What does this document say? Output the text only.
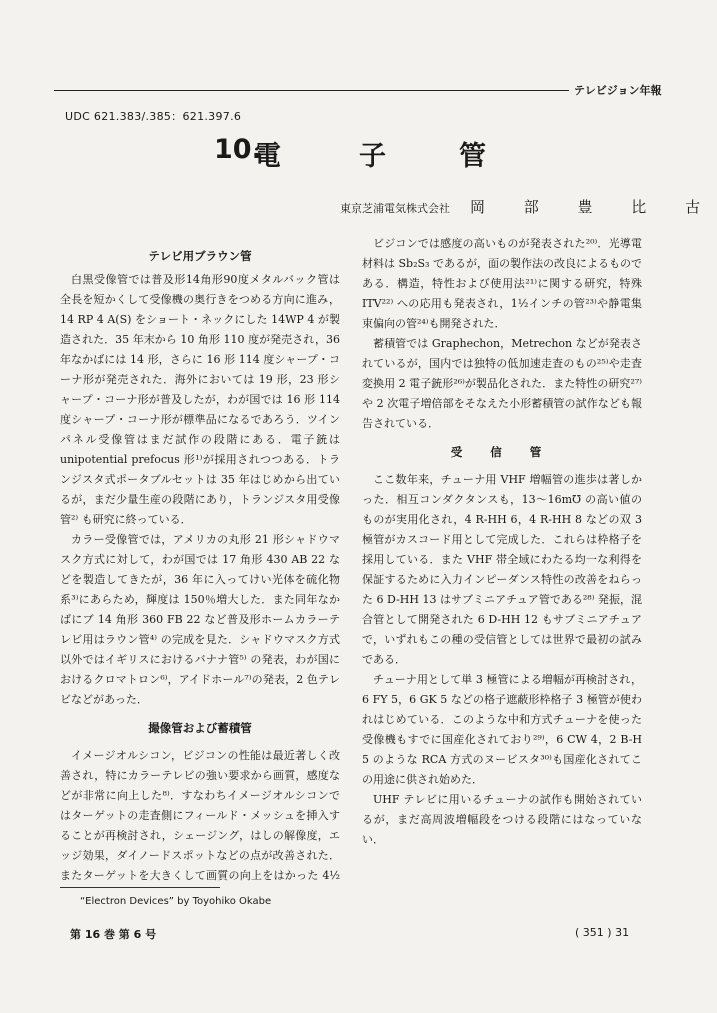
テレビジョン年報
UDC 621.383/.385：621.397.6
10.
電	子	管
東京芝浦電気株式会社 岡 部 豊 比 古
テレビ用ブラウン管

白黒受像管では普及形14角形90度メタルバック管は全長を短かくして受像機の奥行きをつめる方向に進み，14 RP 4 A(S) をショート・ネックにした 14WP 4 が製造された．35 年末から 10 角形 110 度が発売され，36 年なかばには 14 形，さらに 16 形 114 度シャープ・コーナ形が発売された．海外においては 19 形，23 形シャープ・コーナ形が普及したが，わが国では 16 形 114 度シャープ・コーナ形が標準品になるであろう．ツインパネル受像管はまだ試作の段階にある．電子銃は unipotential prefocus 形¹⁾が採用されつつある．トランジスタ式ポータブルセットは 35 年はじめから出ているが，まだ少量生産の段階にあり，トランジスタ用受像管²⁾ も研究に終っている．

カラー受像管では，アメリカの丸形 21 形シャドウマスク方式に対して，わが国では 17 角形 430 AB 22 などを製造してきたが，36 年に入ってけい光体を硫化物系³⁾にあらため，輝度は 150％増大した．また同年なかばにブ 14 角形 360 FB 22 など普及形ホームカラーテレビ用はラウン管⁴⁾ の完成を見た．シャドウマスク方式以外ではイギリスにおけるバナナ管⁵⁾ の発表，わが国におけるクロマトロン⁶⁾，アイドホール⁷⁾の発表，2 色テレビなどがあった．

撮像管および蓄積管

イメージオルシコン，ビジコンの性能は最近著しく改善され，特にカラーテレビの強い要求から画質，感度などが非常に向上した⁸⁾．すなわちイメージオルシコンではターゲットの走査側にフィールド・メッシュを挿入することが再検討され，シェージング，はしの解像度，エッジ効果，ダイノードスポットなどの点が改善された．またターゲットを大きくして画質の向上をはかった 4½

ビジコンでは感度の高いものが発表された²⁰⁾．光導電材料は Sb₂S₃ であるが，面の製作法の改良によるものである．構造，特性および使用法²¹⁾に関する研究，特殊 ITV²²⁾ への応用も発表され，1½インチの管²³⁾や静電集束偏向の管²⁴⁾も開発された．

蓄積管では Graphechon，Metrechon などが発表されているが，国内では独特の低加速走査のもの²⁵⁾や走査変換用 2 電子銃形²⁶⁾が製品化された．また特性の研究²⁷⁾や 2 次電子増倍部をそなえた小形蓄積管の試作なども報告されている．

受 信 管

ここ数年来，チューナ用 VHF 増幅管の進歩は著しかった．相互コンダクタンスも，13～16m℧ の高い値のものが実用化され，4 R-HH 6，4 R-HH 8 などの双 3 極管がカスコード用として完成した．これらは枠格子を採用している．また VHF 帯全域にわたる均一な利得を保証するために入力インピーダンス特性の改善をねらった 6 D-HH 13 はサブミニアチュア管である²⁸⁾ 発振，混合管として開発された 6 D-HH 12 もサブミニアチュアで，いずれもこの種の受信管としては世界で最初の試みである．

チューナ用として単 3 極管による増幅が再検討され，6 FY 5，6 GK 5 などの格子遮蔽形枠格子 3 極管が使われはじめている．このような中和方式チューナを使った受像機もすでに国産化されており²⁹⁾，6 CW 4，2 B-H 5 のような RCA 方式のヌービスタ³⁰⁾も国産化されてこの用途に供され始めた．

UHF テレビに用いるチューナの試作も開始されているが，まだ高周波増幅段をつける段階にはなっていない．

“Electron Devices” by Toyohiko Okabe
第 16 巻 第 6 号	( 351 ) 31
